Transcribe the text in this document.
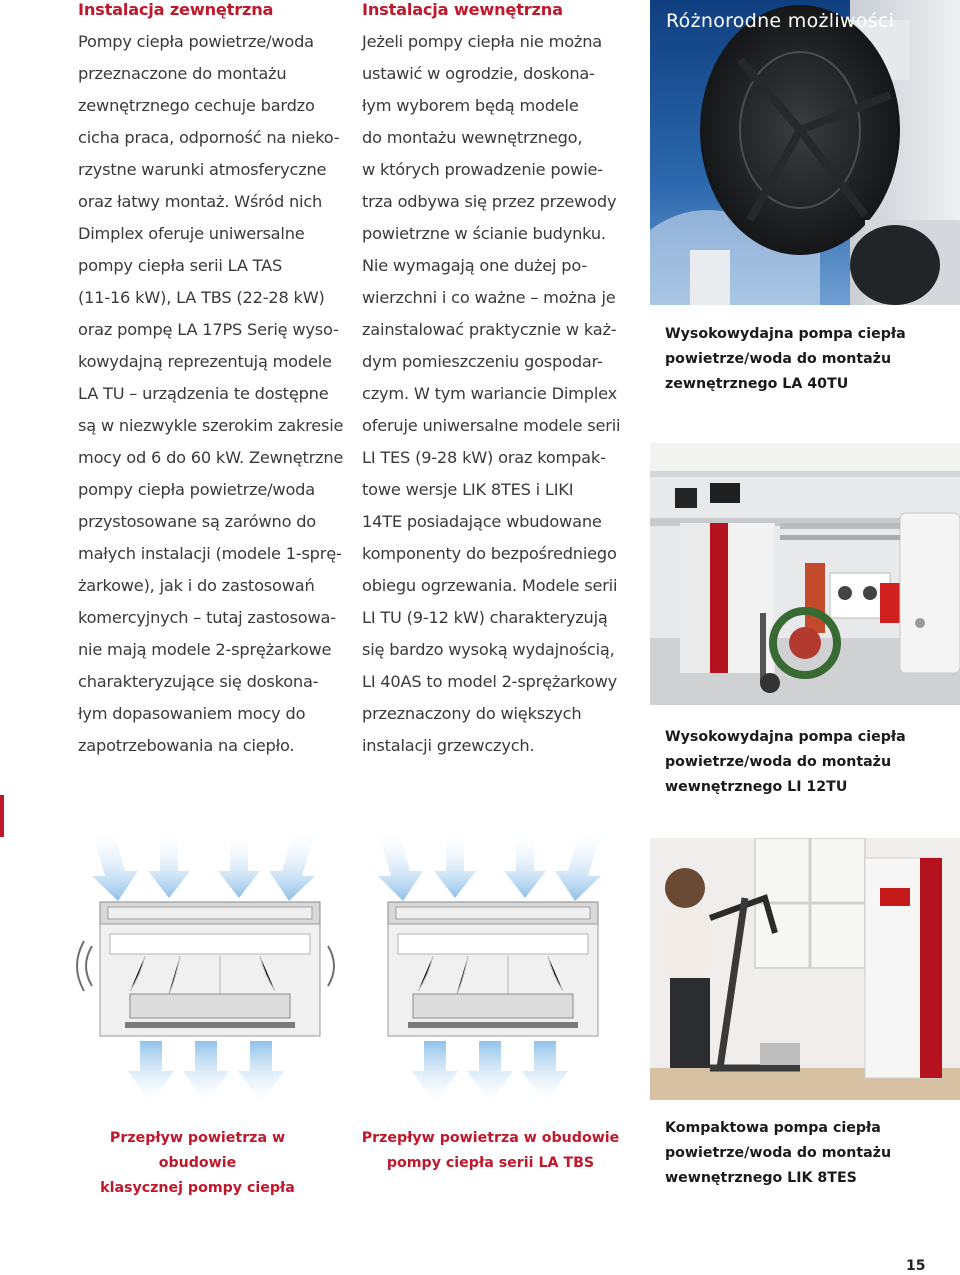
Instalacja zewnętrzna
Pompy ciepła powietrze/woda
przeznaczone do montażu
zewnętrznego cechuje bardzo
cicha praca, odporność na nieko-
rzystne warunki atmosferyczne
oraz łatwy montaż. Wśród nich
Dimplex oferuje uniwersalne
pompy ciepła serii LA TAS
(11-16 kW), LA TBS (22-28 kW)
oraz pompę LA 17PS Serię wyso-
kowydajną reprezentują modele
LA TU – urządzenia te dostępne
są w niezwykle szerokim zakresie
mocy od 6 do 60 kW. Zewnętrzne
pompy ciepła powietrze/woda
przystosowane są zarówno do
małych instalacji (modele 1-sprę-
żarkowe), jak i do zastosowań
komercyjnych – tutaj zastosowa-
nie mają modele 2-sprężarkowe
charakteryzujące się doskona-
łym dopasowaniem mocy do
zapotrzebowania na ciepło.
Instalacja wewnętrzna
Jeżeli pompy ciepła nie można
ustawić w ogrodzie, doskona-
łym wyborem będą modele
do montażu wewnętrznego,
w których prowadzenie powie-
trza odbywa się przez przewody
powietrzne w ścianie budynku.
Nie wymagają one dużej po-
wierzchni i co ważne – można je
zainstalować praktycznie w każ-
dym pomieszczeniu gospodar-
czym. W tym wariancie Dimplex
oferuje uniwersalne modele serii
LI TES (9-28 kW) oraz kompak-
towe wersje LIK 8TES i LIKI
14TE posiadające wbudowane
komponenty do bezpośredniego
obiegu ogrzewania. Modele serii
LI TU (9-12 kW) charakteryzują
się bardzo wysoką wydajnością,
LI 40AS to model 2-sprężarkowy
przeznaczony do większych
instalacji grzewczych.
Różnorodne możliwości
Wysokowydajna pompa ciepła
powietrze/woda do montażu
zewnętrznego LA 40TU
Wysokowydajna pompa ciepła
powietrze/woda do montażu
wewnętrznego LI 12TU
Kompaktowa pompa ciepła
powietrze/woda do montażu
wewnętrznego LIK 8TES
Przepływ powietrza w obudowie
klasycznej pompy ciepła
Przepływ powietrza w obudowie
pompy ciepła serii LA TBS
15
